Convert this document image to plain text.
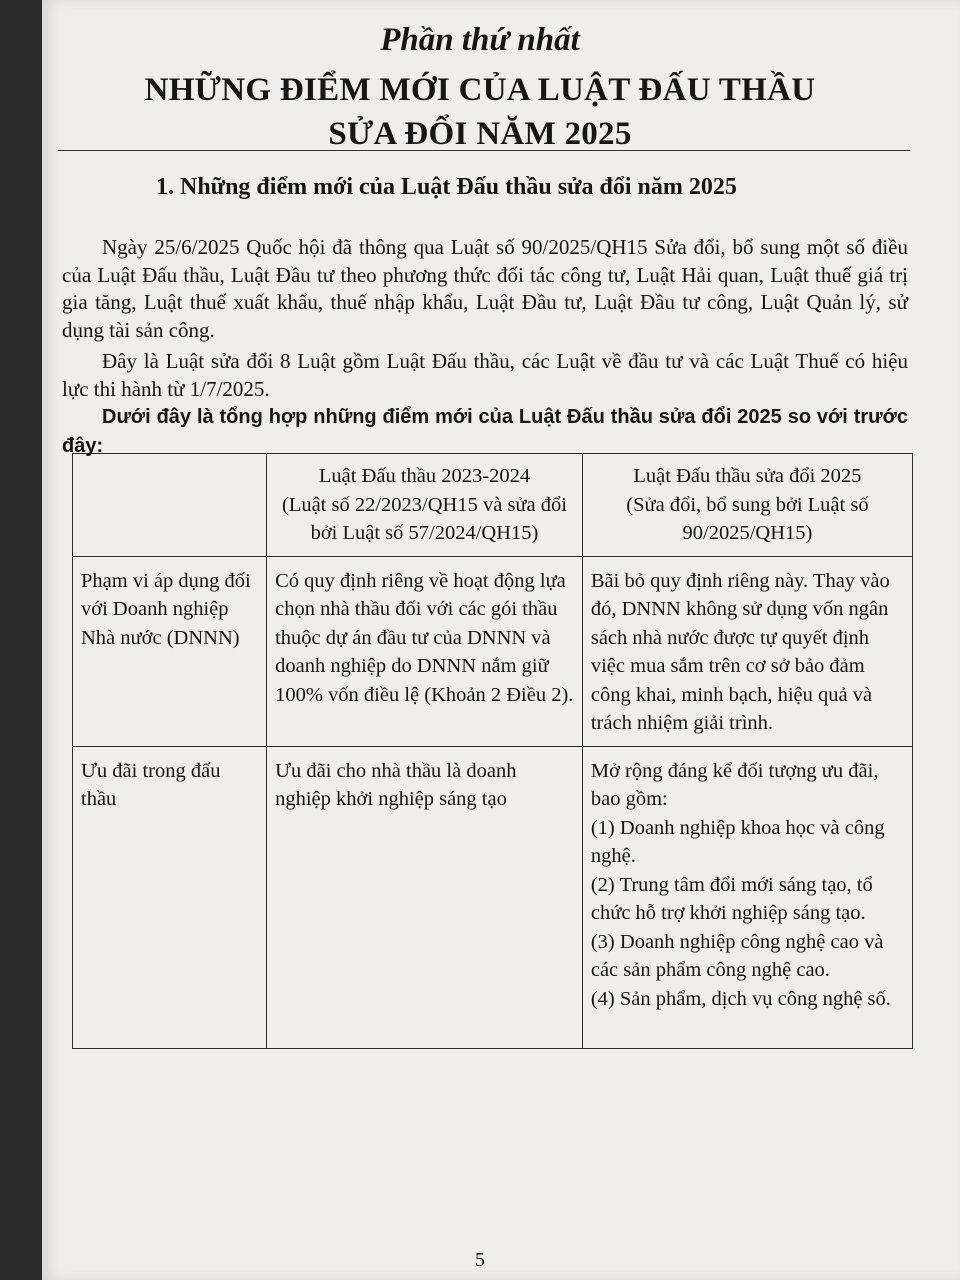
Phần thứ nhất
NHỮNG ĐIỂM MỚI CỦA LUẬT ĐẤU THẦU
SỬA ĐỔI NĂM 2025
1. Những điểm mới của Luật Đấu thầu sửa đổi năm 2025

Ngày 25/6/2025 Quốc hội đã thông qua Luật số 90/2025/QH15 Sửa đổi, bổ sung một số điều của Luật Đấu thầu, Luật Đầu tư theo phương thức đối tác công tư, Luật Hải quan, Luật thuế giá trị gia tăng, Luật thuế xuất khẩu, thuế nhập khẩu, Luật Đầu tư, Luật Đầu tư công, Luật Quản lý, sử dụng tài sản công.

Đây là Luật sửa đổi 8 Luật gồm Luật Đấu thầu, các Luật về đầu tư và các Luật Thuế có hiệu lực thi hành từ 1/7/2025.

Dưới đây là tổng hợp những điểm mới của Luật Đấu thầu sửa đổi 2025 so với trước đây:

	Luật Đấu thầu 2023-2024
(Luật số 22/2023/QH15 và sửa đổi bởi Luật số 57/2024/QH15)	Luật Đấu thầu sửa đổi 2025
(Sửa đổi, bổ sung bởi Luật số 90/2025/QH15)

Phạm vi áp dụng đối với Doanh nghiệp Nhà nước (DNNN)	Có quy định riêng về hoạt động lựa chọn nhà thầu đối với các gói thầu thuộc dự án đầu tư của DNNN và doanh nghiệp do DNNN nắm giữ 100% vốn điều lệ (Khoản 2 Điều 2).	Bãi bỏ quy định riêng này. Thay vào đó, DNNN không sử dụng vốn ngân sách nhà nước được tự quyết định việc mua sắm trên cơ sở bảo đảm công khai, minh bạch, hiệu quả và trách nhiệm giải trình.
Ưu đãi trong đấu thầu	Ưu đãi cho nhà thầu là doanh nghiệp khởi nghiệp sáng tạo	Mở rộng đáng kể đối tượng ưu đãi, bao gồm:
(1) Doanh nghiệp khoa học và công nghệ.
(2) Trung tâm đổi mới sáng tạo, tổ chức hỗ trợ khởi nghiệp sáng tạo.
(3) Doanh nghiệp công nghệ cao và các sản phẩm công nghệ cao.
(4) Sản phẩm, dịch vụ công nghệ số.
5
